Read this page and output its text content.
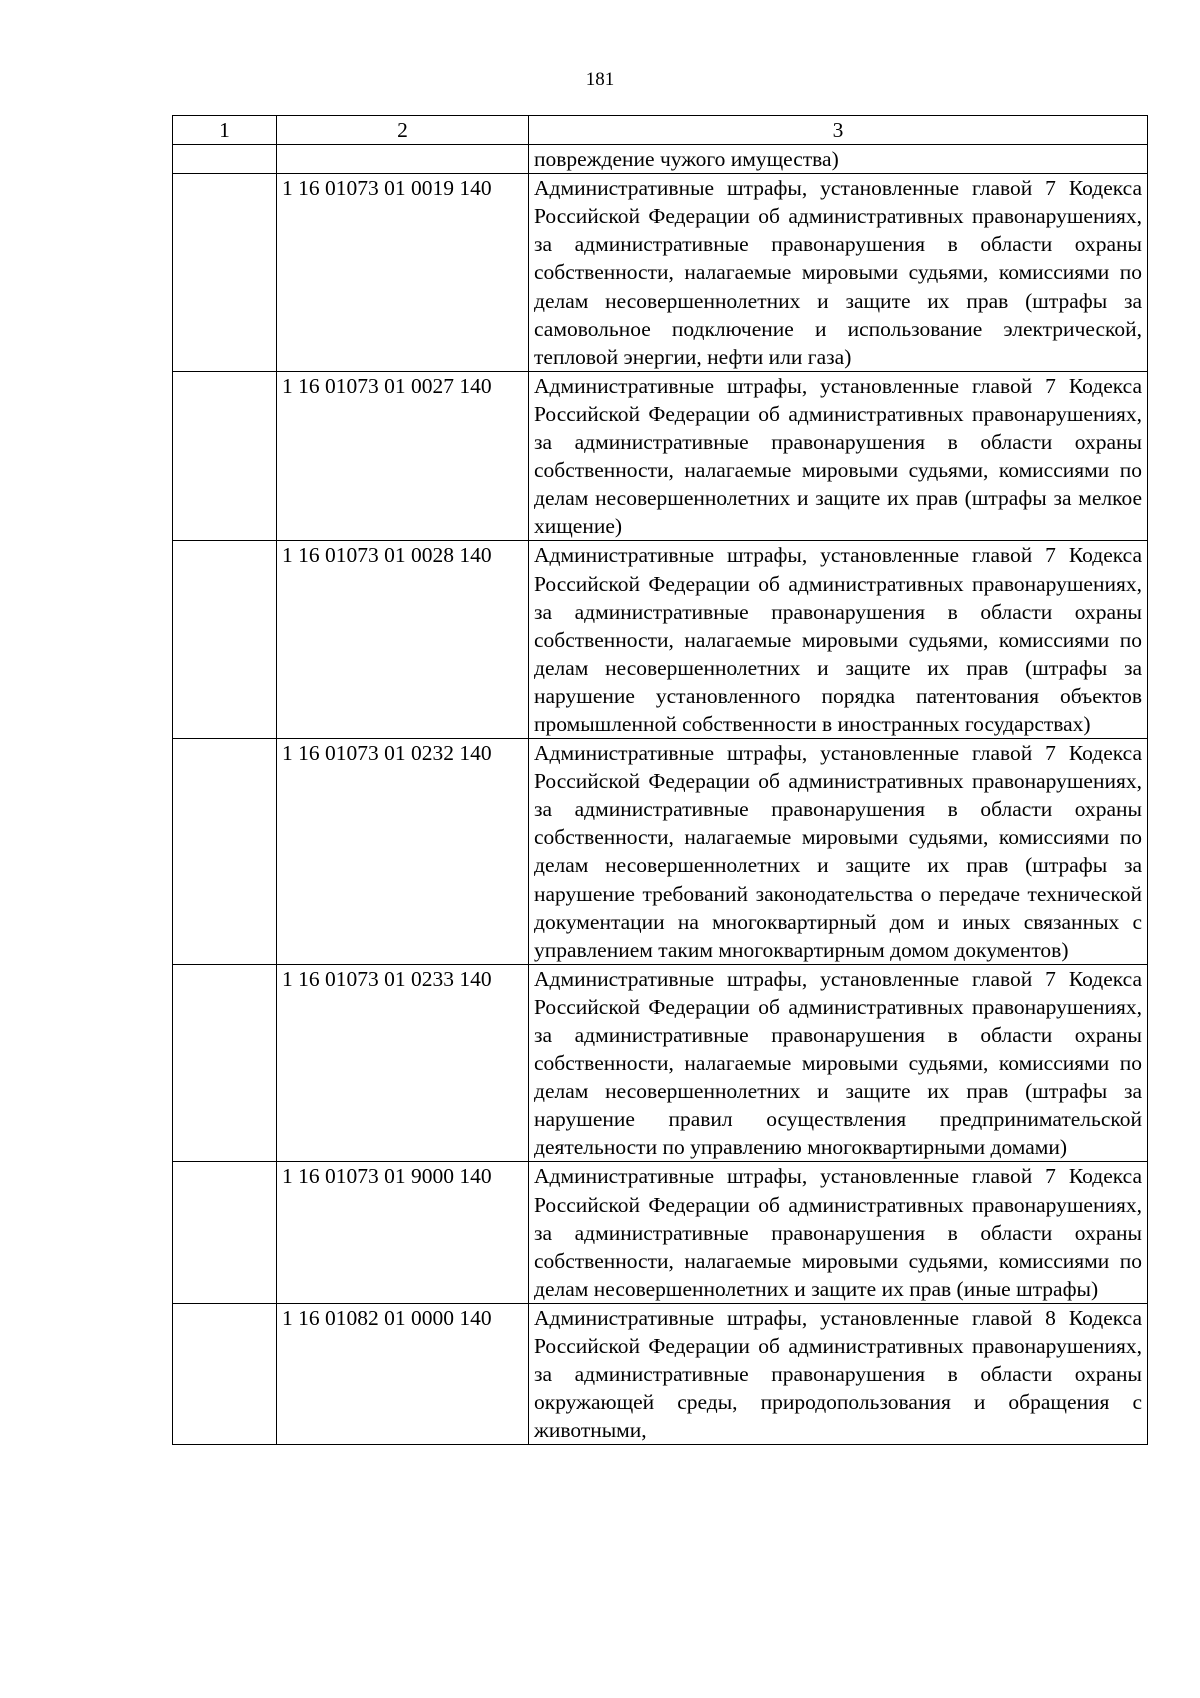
181
1	2	3
		повреждение чужого имущества)
	1 16 01073 01 0019 140	Административные штрафы, установленные главой 7 Кодекса Российской Федерации об административных правонарушениях, за административные правонарушения в области охраны собственности, налагаемые мировыми судьями, комиссиями по делам несовершеннолетних и защите их прав (штрафы за самовольное подключение и использование электрической, тепловой энергии, нефти или газа)
	1 16 01073 01 0027 140	Административные штрафы, установленные главой 7 Кодекса Российской Федерации об административных правонарушениях, за административные правонарушения в области охраны собственности, налагаемые мировыми судьями, комиссиями по делам несовершеннолетних и защите их прав (штрафы за мелкое хищение)
	1 16 01073 01 0028 140	Административные штрафы, установленные главой 7 Кодекса Российской Федерации об административных правонарушениях, за административные правонарушения в области охраны собственности, налагаемые мировыми судьями, комиссиями по делам несовершеннолетних и защите их прав (штрафы за нарушение установленного порядка патентования объектов промышленной собственности в иностранных государствах)
	1 16 01073 01 0232 140	Административные штрафы, установленные главой 7 Кодекса Российской Федерации об административных правонарушениях, за административные правонарушения в области охраны собственности, налагаемые мировыми судьями, комиссиями по делам несовершеннолетних и защите их прав (штрафы за нарушение требований законодательства о передаче технической документации на многоквартирный дом и иных связанных с управлением таким многоквартирным домом документов)
	1 16 01073 01 0233 140	Административные штрафы, установленные главой 7 Кодекса Российской Федерации об административных правонарушениях, за административные правонарушения в области охраны собственности, налагаемые мировыми судьями, комиссиями по делам несовершеннолетних и защите их прав (штрафы за нарушение правил осуществления предпринимательской деятельности по управлению многоквартирными домами)
	1 16 01073 01 9000 140	Административные штрафы, установленные главой 7 Кодекса Российской Федерации об административных правонарушениях, за административные правонарушения в области охраны собственности, налагаемые мировыми судьями, комиссиями по делам несовершеннолетних и защите их прав (иные штрафы)
	1 16 01082 01 0000 140	Административные штрафы, установленные главой 8 Кодекса Российской Федерации об административных правонарушениях, за административные правонарушения в области охраны окружающей среды, природопользования и обращения с животными,
